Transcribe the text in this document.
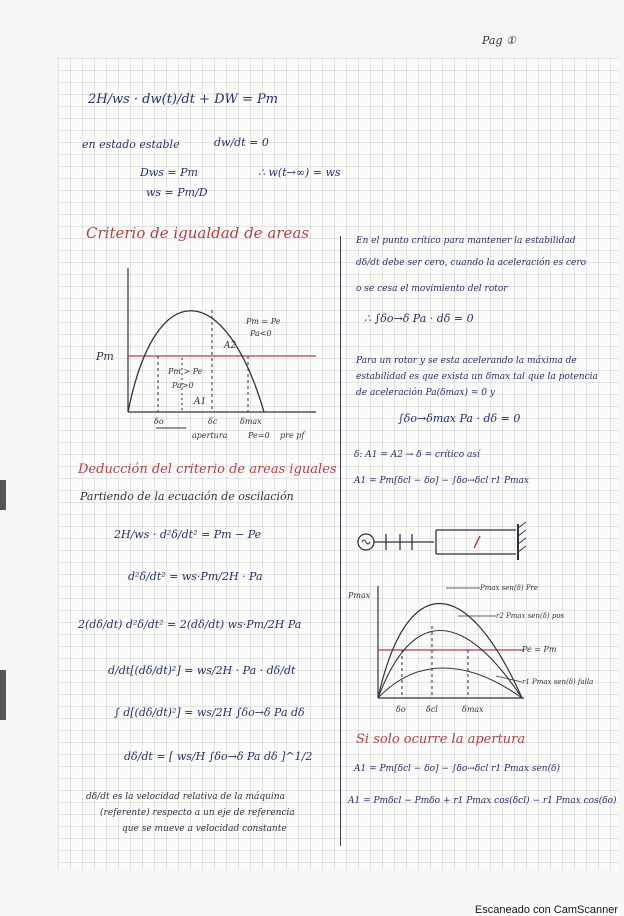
Pag ①
2H/ws · dw(t)/dt + DW = Pm
en estado estable	dw/dt = 0
Dws = Pm
ws = Pm/D
∴ w(t→∞) = ws
Criterio de igualdad de areas
Pm
A2
A1
Pm = Pe
Pa<0
Pm > Pe
Pa>0
δo	δc	δmax
apertura	Pe=0 pre pf
Deducción del criterio de areas iguales
Partiendo de la ecuación de oscilación
2H/ws · d²δ/dt² = Pm − Pe
d²δ/dt² = ws·Pm/2H · Pa
2(dδ/dt) d²δ/dt² = 2(dδ/dt) ws·Pm/2H Pa
d/dt[(dδ/dt)²] = ws/2H · Pa · dδ/dt
∫ d[(dδ/dt)²] = ws/2H ∫δo→δ Pa dδ
dδ/dt = [ ws/H ∫δo→δ Pa dδ ]^1/2
dδ/dt es la velocidad relativa de la máquina
(referente) respecto a un eje de referencia
que se mueve a velocidad constante
En el punto crítico para mantener la estabilidad
dδ/dt debe ser cero, cuando la aceleración es cero
o se cesa el movimiento del rotor
∴ ∫δo→δ Pa · dδ = 0
Para un rotor y se esta acelerando la máxima de
estabilidad es que exista un δmax tal que la potencia
de aceleración Pa(δmax) = 0 y
∫δo→δmax Pa · dδ = 0
δ: A1 = A2 → δ = crítico así
A1 = Pm[δcl − δo] − ∫δo→δcl r1 Pmax
Pmax
Pmax sen(δ) Pre
r2 Pmax sen(δ) pos
Pe = Pm
r1 Pmax sen(δ) falla
δo	δcl	δmax
Si solo ocurre la apertura
A1 = Pm[δcl − δo] − ∫δo→δcl r1 Pmax sen(δ)
A1 = Pmδcl − Pmδo + r1 Pmax cos(δcl) − r1 Pmax cos(δo)
Escaneado con CamScanner
